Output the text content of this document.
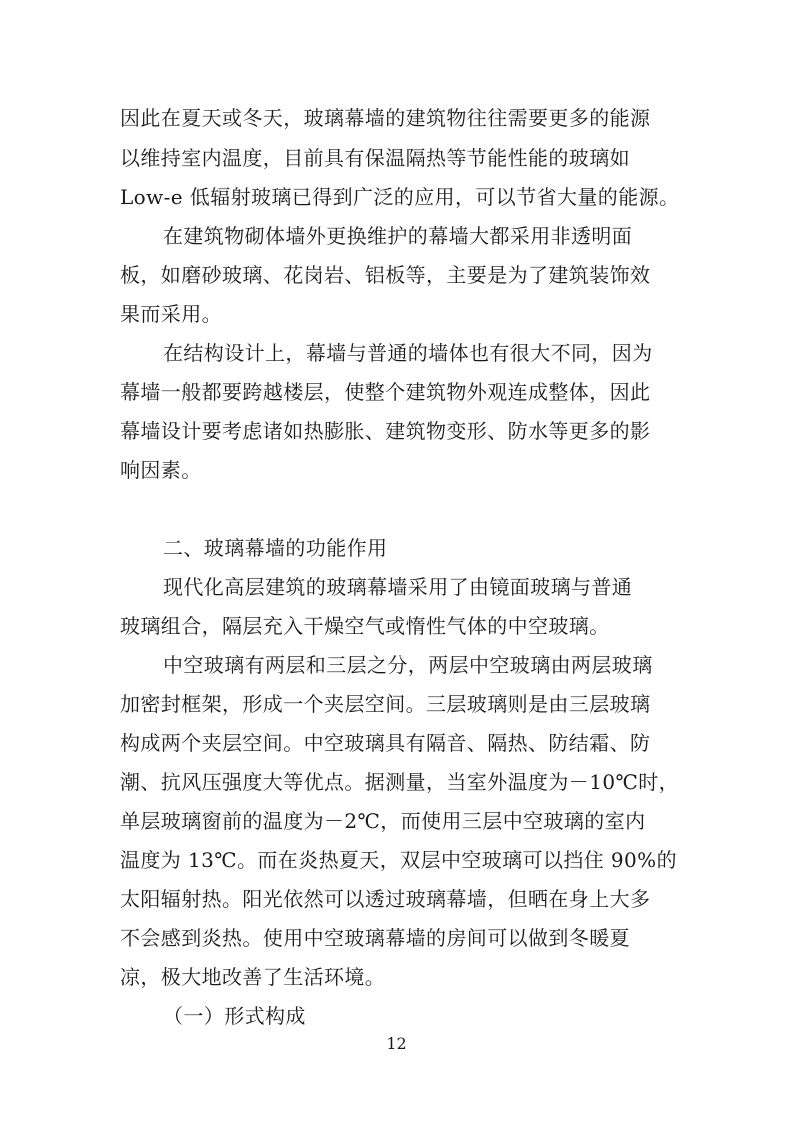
因此在夏天或冬天，玻璃幕墙的建筑物往往需要更多的能源
以维持室内温度，目前具有保温隔热等节能性能的玻璃如
Low-e 低辐射玻璃已得到广泛的应用，可以节省大量的能源。
在建筑物砌体墙外更换维护的幕墙大都采用非透明面
板，如磨砂玻璃、花岗岩、铝板等，主要是为了建筑装饰效
果而采用。
在结构设计上，幕墙与普通的墙体也有很大不同，因为
幕墙一般都要跨越楼层，使整个建筑物外观连成整体，因此
幕墙设计要考虑诸如热膨胀、建筑物变形、防水等更多的影
响因素。
二、玻璃幕墙的功能作用
现代化高层建筑的玻璃幕墙采用了由镜面玻璃与普通
玻璃组合，隔层充入干燥空气或惰性气体的中空玻璃。
中空玻璃有两层和三层之分，两层中空玻璃由两层玻璃
加密封框架，形成一个夹层空间。三层玻璃则是由三层玻璃
构成两个夹层空间。中空玻璃具有隔音、隔热、防结霜、防
潮、抗风压强度大等优点。据测量，当室外温度为－10℃时，
单层玻璃窗前的温度为－2℃，而使用三层中空玻璃的室内
温度为 13℃。而在炎热夏天，双层中空玻璃可以挡住 90%的
太阳辐射热。阳光依然可以透过玻璃幕墙，但晒在身上大多
不会感到炎热。使用中空玻璃幕墙的房间可以做到冬暖夏
凉，极大地改善了生活环境。
（一）形式构成
12
